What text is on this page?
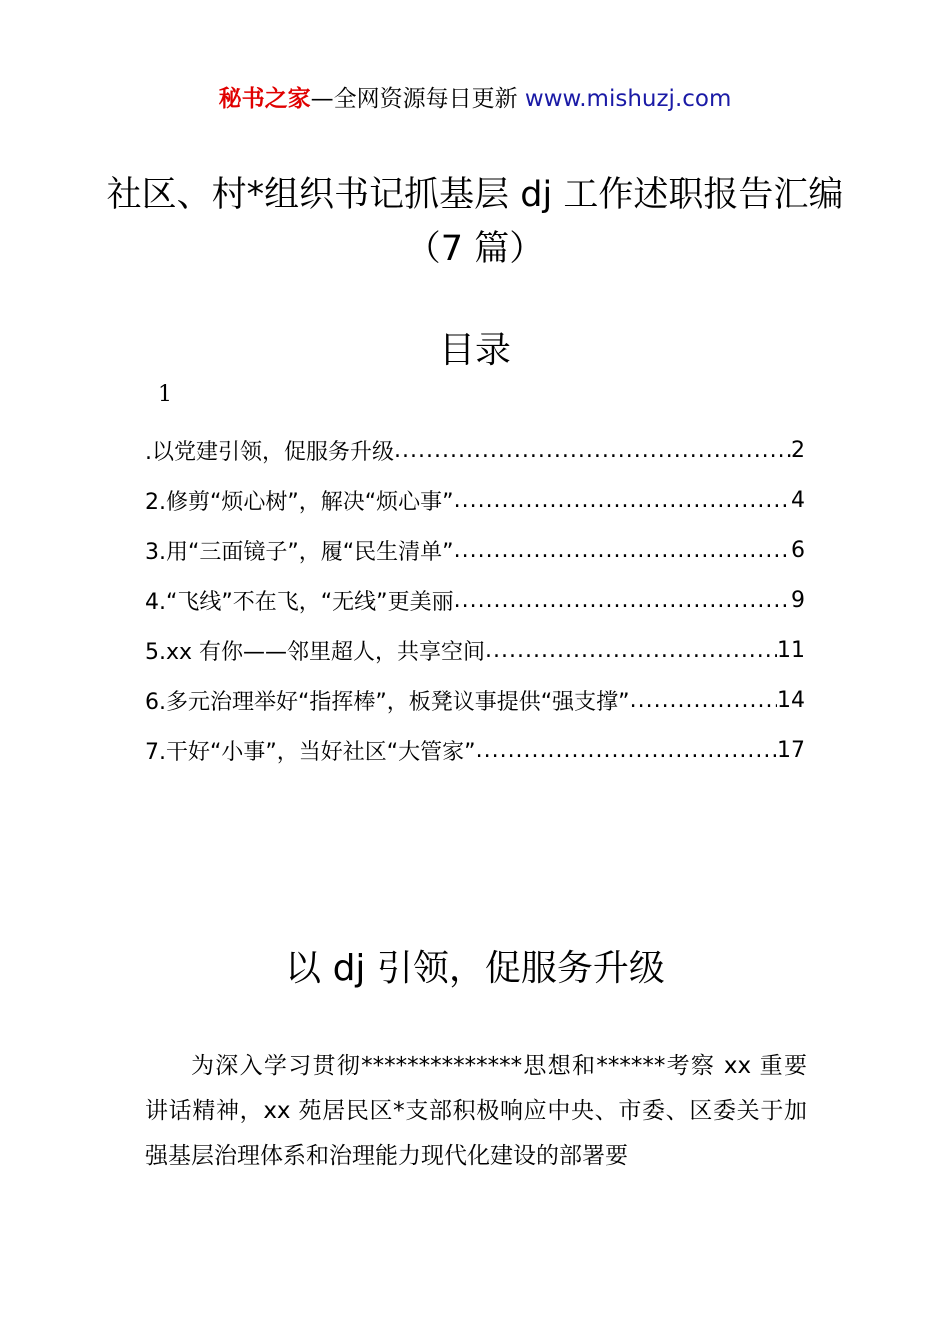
秘书之家—全网资源每日更新 www.mishuzj.com
社区、村*组织书记抓基层 dj 工作述职报告汇编（7 篇）
目录
1
.以党建引领，促服务升级 .....	2
2.修剪“烦心树”，解决“烦心事” .....	4
3.用“三面镜子”，履“民生清单” .....	6
4.“飞线”不在飞，“无线”更美丽 .....	9
5.xx 有你——邻里超人，共享空间 .....	11
6.多元治理举好“指挥棒”，板凳议事提供“强支撑” .....	14
7.干好“小事”，当好社区“大管家” .....	17
以 dj 引领，促服务升级
为深入学习贯彻**************思想和******考察 xx 重要讲话精神，xx 苑居民区*支部积极响应中央、市委、区委关于加强基层治理体系和治理能力现代化建设的部署要
